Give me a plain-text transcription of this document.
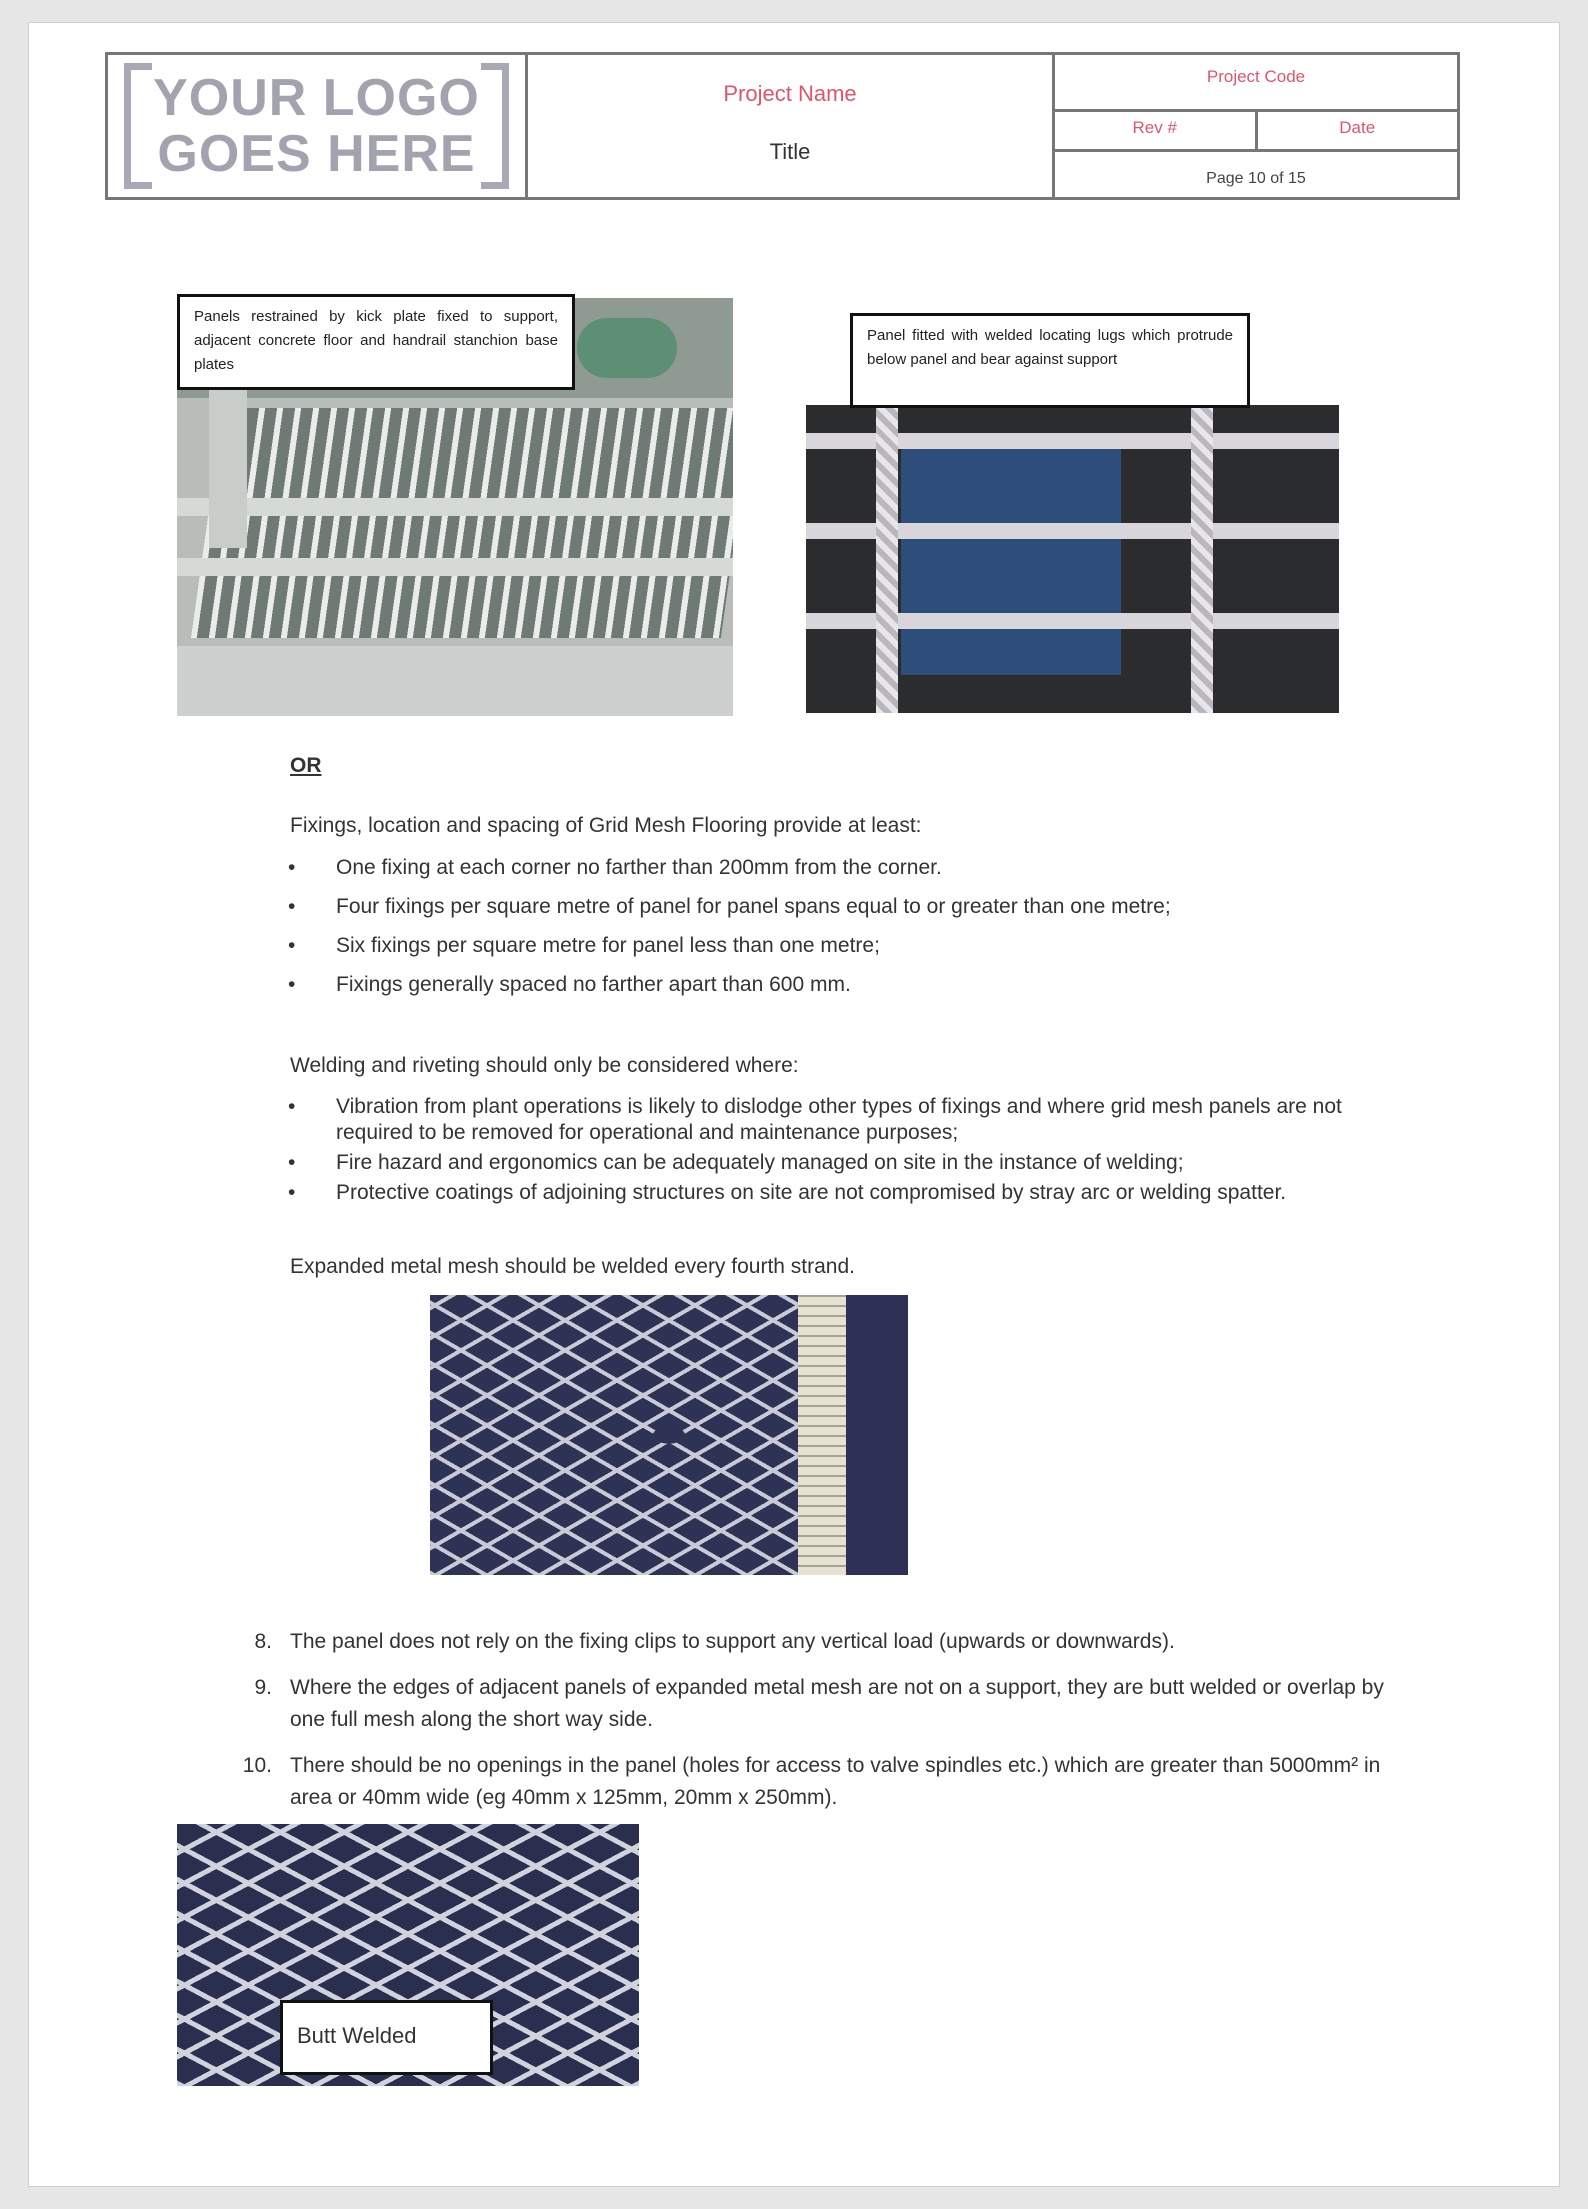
YOUR LOGO
GOES HERE
Project Name
Title
Project Code
Rev #	Date
Page 10 of 15
Panels restrained by kick plate fixed to support, adjacent concrete floor and handrail stanchion base plates
Panel fitted with welded locating lugs which protrude below panel and bear against support
OR
Fixings, location and spacing of Grid Mesh Flooring provide at least:
• One fixing at each corner no farther than 200mm from the corner.
• Four fixings per square metre of panel for panel spans equal to or greater than one metre;
• Six fixings per square metre for panel less than one metre;
• Fixings generally spaced no farther apart than 600 mm.
Welding and riveting should only be considered where:
• Vibration from plant operations is likely to dislodge other types of fixings and where grid mesh panels are not required to be removed for operational and maintenance purposes;
• Fire hazard and ergonomics can be adequately managed on site in the instance of welding;
• Protective coatings of adjoining structures on site are not compromised by stray arc or welding spatter.
Expanded metal mesh should be welded every fourth strand.
8. The panel does not rely on the fixing clips to support any vertical load (upwards or downwards).
9. Where the edges of adjacent panels of expanded metal mesh are not on a support, they are butt welded or overlap by one full mesh along the short way side.
10. There should be no openings in the panel (holes for access to valve spindles etc.) which are greater than 5000mm² in area or 40mm wide (eg 40mm x 125mm, 20mm x 250mm).
Butt Welded
